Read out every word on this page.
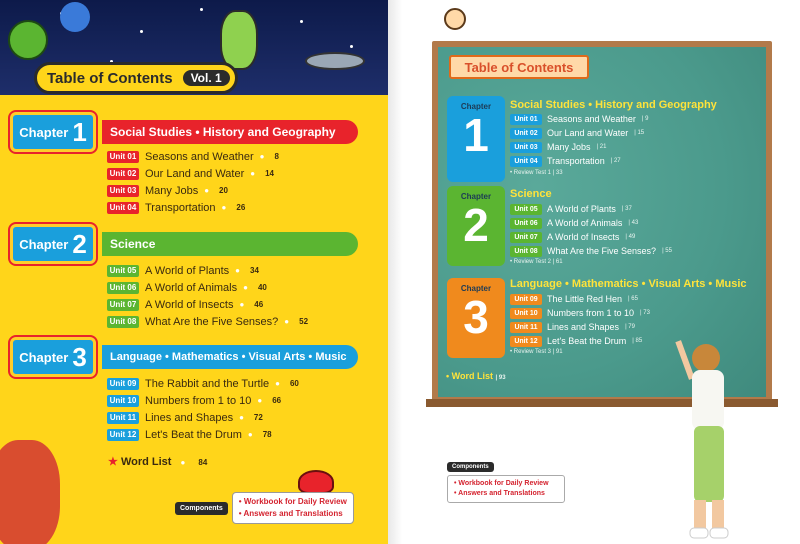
Table of Contents	Vol. 1
Chapter 1	Social Studies • History and Geography
Unit 01 Seasons and Weather ● 8
Unit 02 Our Land and Water ● 14
Unit 03 Many Jobs ● 20
Unit 04 Transportation ● 26
Chapter 2	Science
Unit 05 A World of Plants ● 34
Unit 06 A World of Animals ● 40
Unit 07 A World of Insects ● 46
Unit 08 What Are the Five Senses? ● 52
Chapter 3	Language • Mathematics • Visual Arts • Music
Unit 09 The Rabbit and the Turtle ● 60
Unit 10 Numbers from 1 to 10 ● 66
Unit 11 Lines and Shapes ● 72
Unit 12 Let's Beat the Drum ● 78
★ Word List ● 84
Components
• Workbook for Daily Review
• Answers and Translations
Table of Contents
Chapter
1
Social Studies • History and Geography
Unit 01	Seasons and Weather | 9
Unit 02	Our Land and Water | 15
Unit 03	Many Jobs | 21
Unit 04	Transportation | 27
• Review Test 1 | 33
Chapter
2
Science
Unit 05	A World of Plants | 37
Unit 06	A World of Animals | 43
Unit 07	A World of Insects | 49
Unit 08	What Are the Five Senses? | 55
• Review Test 2 | 61
Chapter
3
Language • Mathematics • Visual Arts • Music
Unit 09	The Little Red Hen | 65
Unit 10	Numbers from 1 to 10 | 73
Unit 11	Lines and Shapes | 79
Unit 12	Let's Beat the Drum | 85
• Review Test 3 | 91
• Word List | 93
Components
• Workbook for Daily Review
• Answers and Translations
